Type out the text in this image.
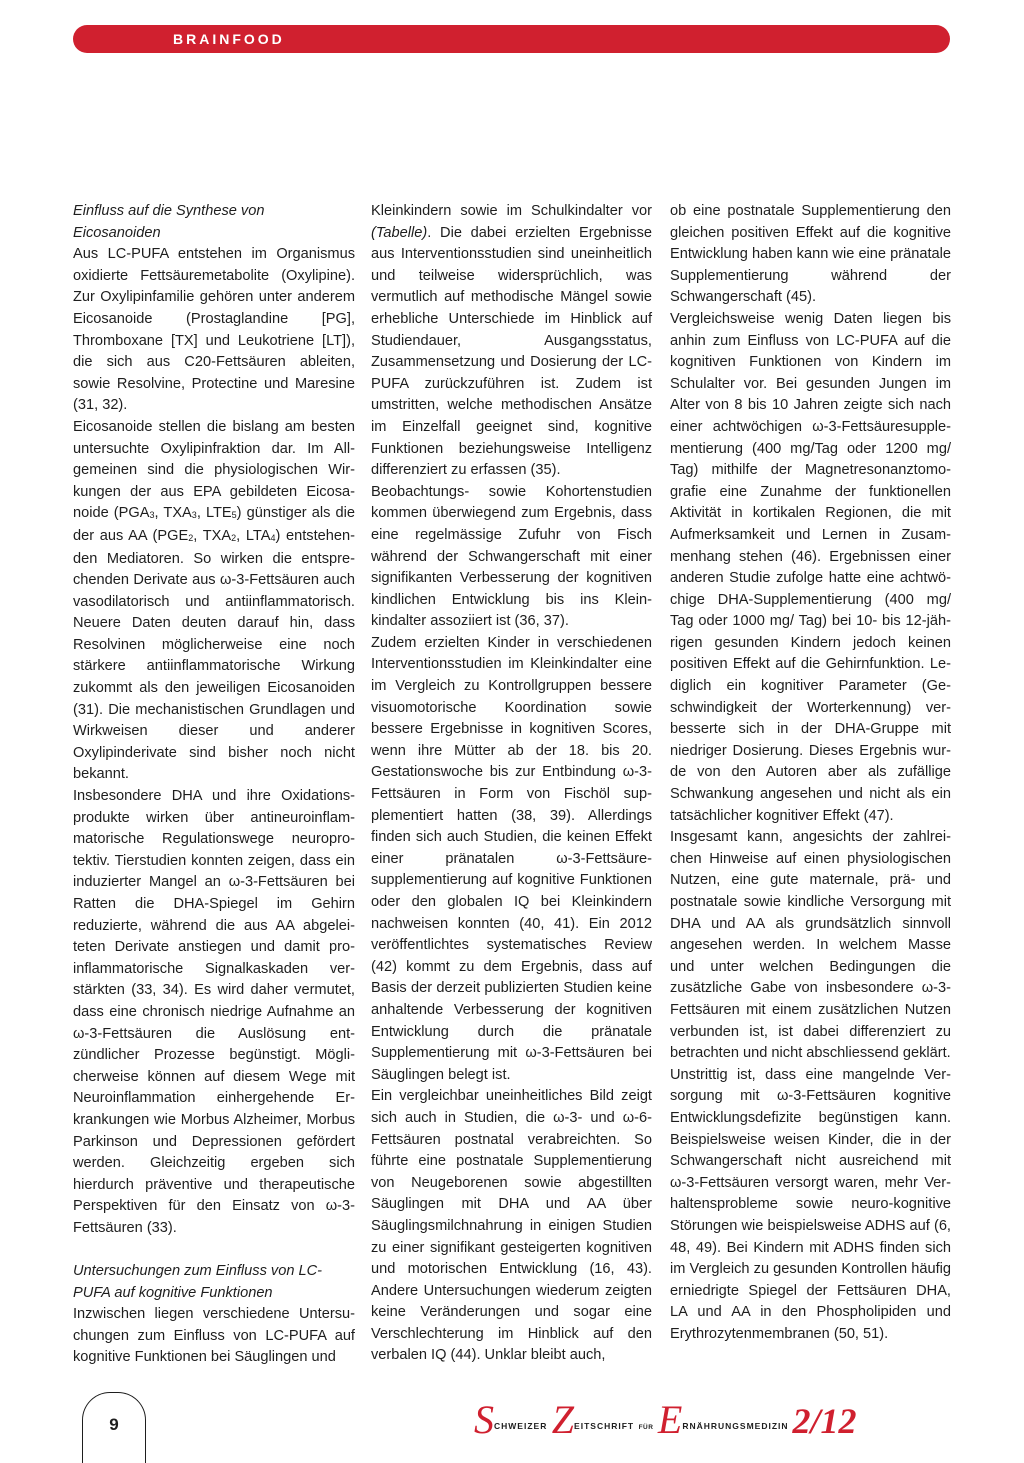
BRAINFOOD
Einfluss auf die Synthese von Eicosanoiden

Aus LC-PUFA entstehen im Organismus oxidierte Fettsäuremetabolite (Oxylipine). Zur Oxylipinfamilie gehören unter anderem Eicosanoide (Prostaglandine [PG], Thromboxane [TX] und Leukotriene [LT]), die sich aus C20-Fettsäuren ableiten, sowie Resolvine, Protectine und Maresine (31, 32).

Eicosanoide stellen die bislang am besten untersuchte Oxylipinfraktion dar. Im Allgemeinen sind die physiologischen Wirkungen der aus EPA gebildeten Eicosanoide ($PGA_3$, $TXA_3$, $LTE_5$) günstiger als die der aus AA ($PGE_2$, $TXA_2$, $LTA_4$) entstehenden Mediatoren. So wirken die entsprechenden Derivate aus ω-3-Fettsäuren auch vasodilatorisch und antiinflammatorisch. Neuere Daten deuten darauf hin, dass Resolvinen möglicherweise eine noch stärkere antiinflammatorische Wirkung zukommt als den jeweiligen Eicosanoiden (31). Die mechanistischen Grundlagen und Wirkweisen dieser und anderer Oxylipinderivate sind bisher noch nicht bekannt.

Insbesondere DHA und ihre Oxidationsprodukte wirken über antineuroinflammatorische Regulationswege neuroprotektiv. Tierstudien konnten zeigen, dass ein induzierter Mangel an ω-3-Fettsäuren bei Ratten die DHA-Spiegel im Gehirn reduzierte, während die aus AA abgeleiteten Derivate anstiegen und damit proinflammatorische Signalkaskaden verstärkten (33, 34). Es wird daher vermutet, dass eine chronisch niedrige Aufnahme an ω-3-Fettsäuren die Auslösung entzündlicher Prozesse begünstigt. Möglicherweise können auf diesem Wege mit Neuroinflammation einhergehende Erkrankungen wie Morbus Alzheimer, Morbus Parkinson und Depressionen gefördert werden. Gleichzeitig ergeben sich hierdurch präventive und therapeutische Perspektiven für den Einsatz von ω-3-Fettsäuren (33).

Untersuchungen zum Einfluss von LC-PUFA auf kognitive Funktionen

Inzwischen liegen verschiedene Untersuchungen zum Einfluss von LC-PUFA auf kognitive Funktionen bei Säuglingen und

Kleinkindern sowie im Schulkindalter vor (Tabelle). Die dabei erzielten Ergebnisse aus Interventionsstudien sind uneinheitlich und teilweise widersprüchlich, was vermutlich auf methodische Mängel sowie erhebliche Unterschiede im Hinblick auf Studiendauer, Ausgangsstatus, Zusammensetzung und Dosierung der LC-PUFA zurückzuführen ist. Zudem ist umstritten, welche methodischen Ansätze im Einzelfall geeignet sind, kognitive Funktionen beziehungsweise Intelligenz differenziert zu erfassen (35).

Beobachtungs- sowie Kohortenstudien kommen überwiegend zum Ergebnis, dass eine regelmässige Zufuhr von Fisch während der Schwangerschaft mit einer signifikanten Verbesserung der kognitiven kindlichen Entwicklung bis ins Kleinkindalter assoziiert ist (36, 37).

Zudem erzielten Kinder in verschiedenen Interventionsstudien im Kleinkindalter eine im Vergleich zu Kontrollgruppen bessere visuomotorische Koordination sowie bessere Ergebnisse in kognitiven Scores, wenn ihre Mütter ab der 18. bis 20. Gestationswoche bis zur Entbindung ω-3-Fettsäuren in Form von Fischöl supplementiert hatten (38, 39). Allerdings finden sich auch Studien, die keinen Effekt einer pränatalen ω-3-Fettsäuresupplementierung auf kognitive Funktionen oder den globalen IQ bei Kleinkindern nachweisen konnten (40, 41). Ein 2012 veröffentlichtes systematisches Review (42) kommt zu dem Ergebnis, dass auf Basis der derzeit publizierten Studien keine anhaltende Verbesserung der kognitiven Entwicklung durch die pränatale Supplementierung mit ω-3-Fettsäuren bei Säuglingen belegt ist.

Ein vergleichbar uneinheitliches Bild zeigt sich auch in Studien, die ω-3- und ω-6-Fettsäuren postnatal verabreichten. So führte eine postnatale Supplementierung von Neugeborenen sowie abgestillten Säuglingen mit DHA und AA über Säuglingsmilchnahrung in einigen Studien zu einer signifikant gesteigerten kognitiven und motorischen Entwicklung (16, 43). Andere Untersuchungen wiederum zeigten keine Veränderungen und sogar eine Verschlechterung im Hinblick auf den verbalen IQ (44). Unklar bleibt auch,

ob eine postnatale Supplementierung den gleichen positiven Effekt auf die kognitive Entwicklung haben kann wie eine pränatale Supplementierung während der Schwangerschaft (45).

Vergleichsweise wenig Daten liegen bis anhin zum Einfluss von LC-PUFA auf die kognitiven Funktionen von Kindern im Schulalter vor. Bei gesunden Jungen im Alter von 8 bis 10 Jahren zeigte sich nach einer achtwöchigen ω-3-Fettsäuresupplementierung (400 mg/Tag oder 1200 mg/ Tag) mithilfe der Magnetresonanztomografie eine Zunahme der funktionellen Aktivität in kortikalen Regionen, die mit Aufmerksamkeit und Lernen in Zusammenhang stehen (46). Ergebnissen einer anderen Studie zufolge hatte eine achtwöchige DHA-Supplementierung (400 mg/ Tag oder 1000 mg/ Tag) bei 10- bis 12-jährigen gesunden Kindern jedoch keinen positiven Effekt auf die Gehirnfunktion. Lediglich ein kognitiver Parameter (Geschwindigkeit der Worterkennung) verbesserte sich in der DHA-Gruppe mit niedriger Dosierung. Dieses Ergebnis wurde von den Autoren aber als zufällige Schwankung angesehen und nicht als ein tatsächlicher kognitiver Effekt (47).

Insgesamt kann, angesichts der zahlreichen Hinweise auf einen physiologischen Nutzen, eine gute maternale, prä- und postnatale sowie kindliche Versorgung mit DHA und AA als grundsätzlich sinnvoll angesehen werden. In welchem Masse und unter welchen Bedingungen die zusätzliche Gabe von insbesondere ω-3-Fettsäuren mit einem zusätzlichen Nutzen verbunden ist, ist dabei differenziert zu betrachten und nicht abschliessend geklärt.

Unstrittig ist, dass eine mangelnde Versorgung mit ω-3-Fettsäuren kognitive Entwicklungsdefizite begünstigen kann. Beispielsweise weisen Kinder, die in der Schwangerschaft nicht ausreichend mit ω-3-Fettsäuren versorgt waren, mehr Verhaltensprobleme sowie neuro-kognitive Störungen wie beispielsweise ADHS auf (6, 48, 49). Bei Kindern mit ADHS finden sich im Vergleich zu gesunden Kontrollen häufig erniedrigte Spiegel der Fettsäuren DHA, LA und AA in den Phospholipiden und Erythrozytenmembranen (50, 51).

9	$S^{CHWEIZER}$ $Z^{EITSCHRIFT}$ $^{FÜR}$ $E^{RNÄHRUNGSMEDIZIN}$ 2/12
